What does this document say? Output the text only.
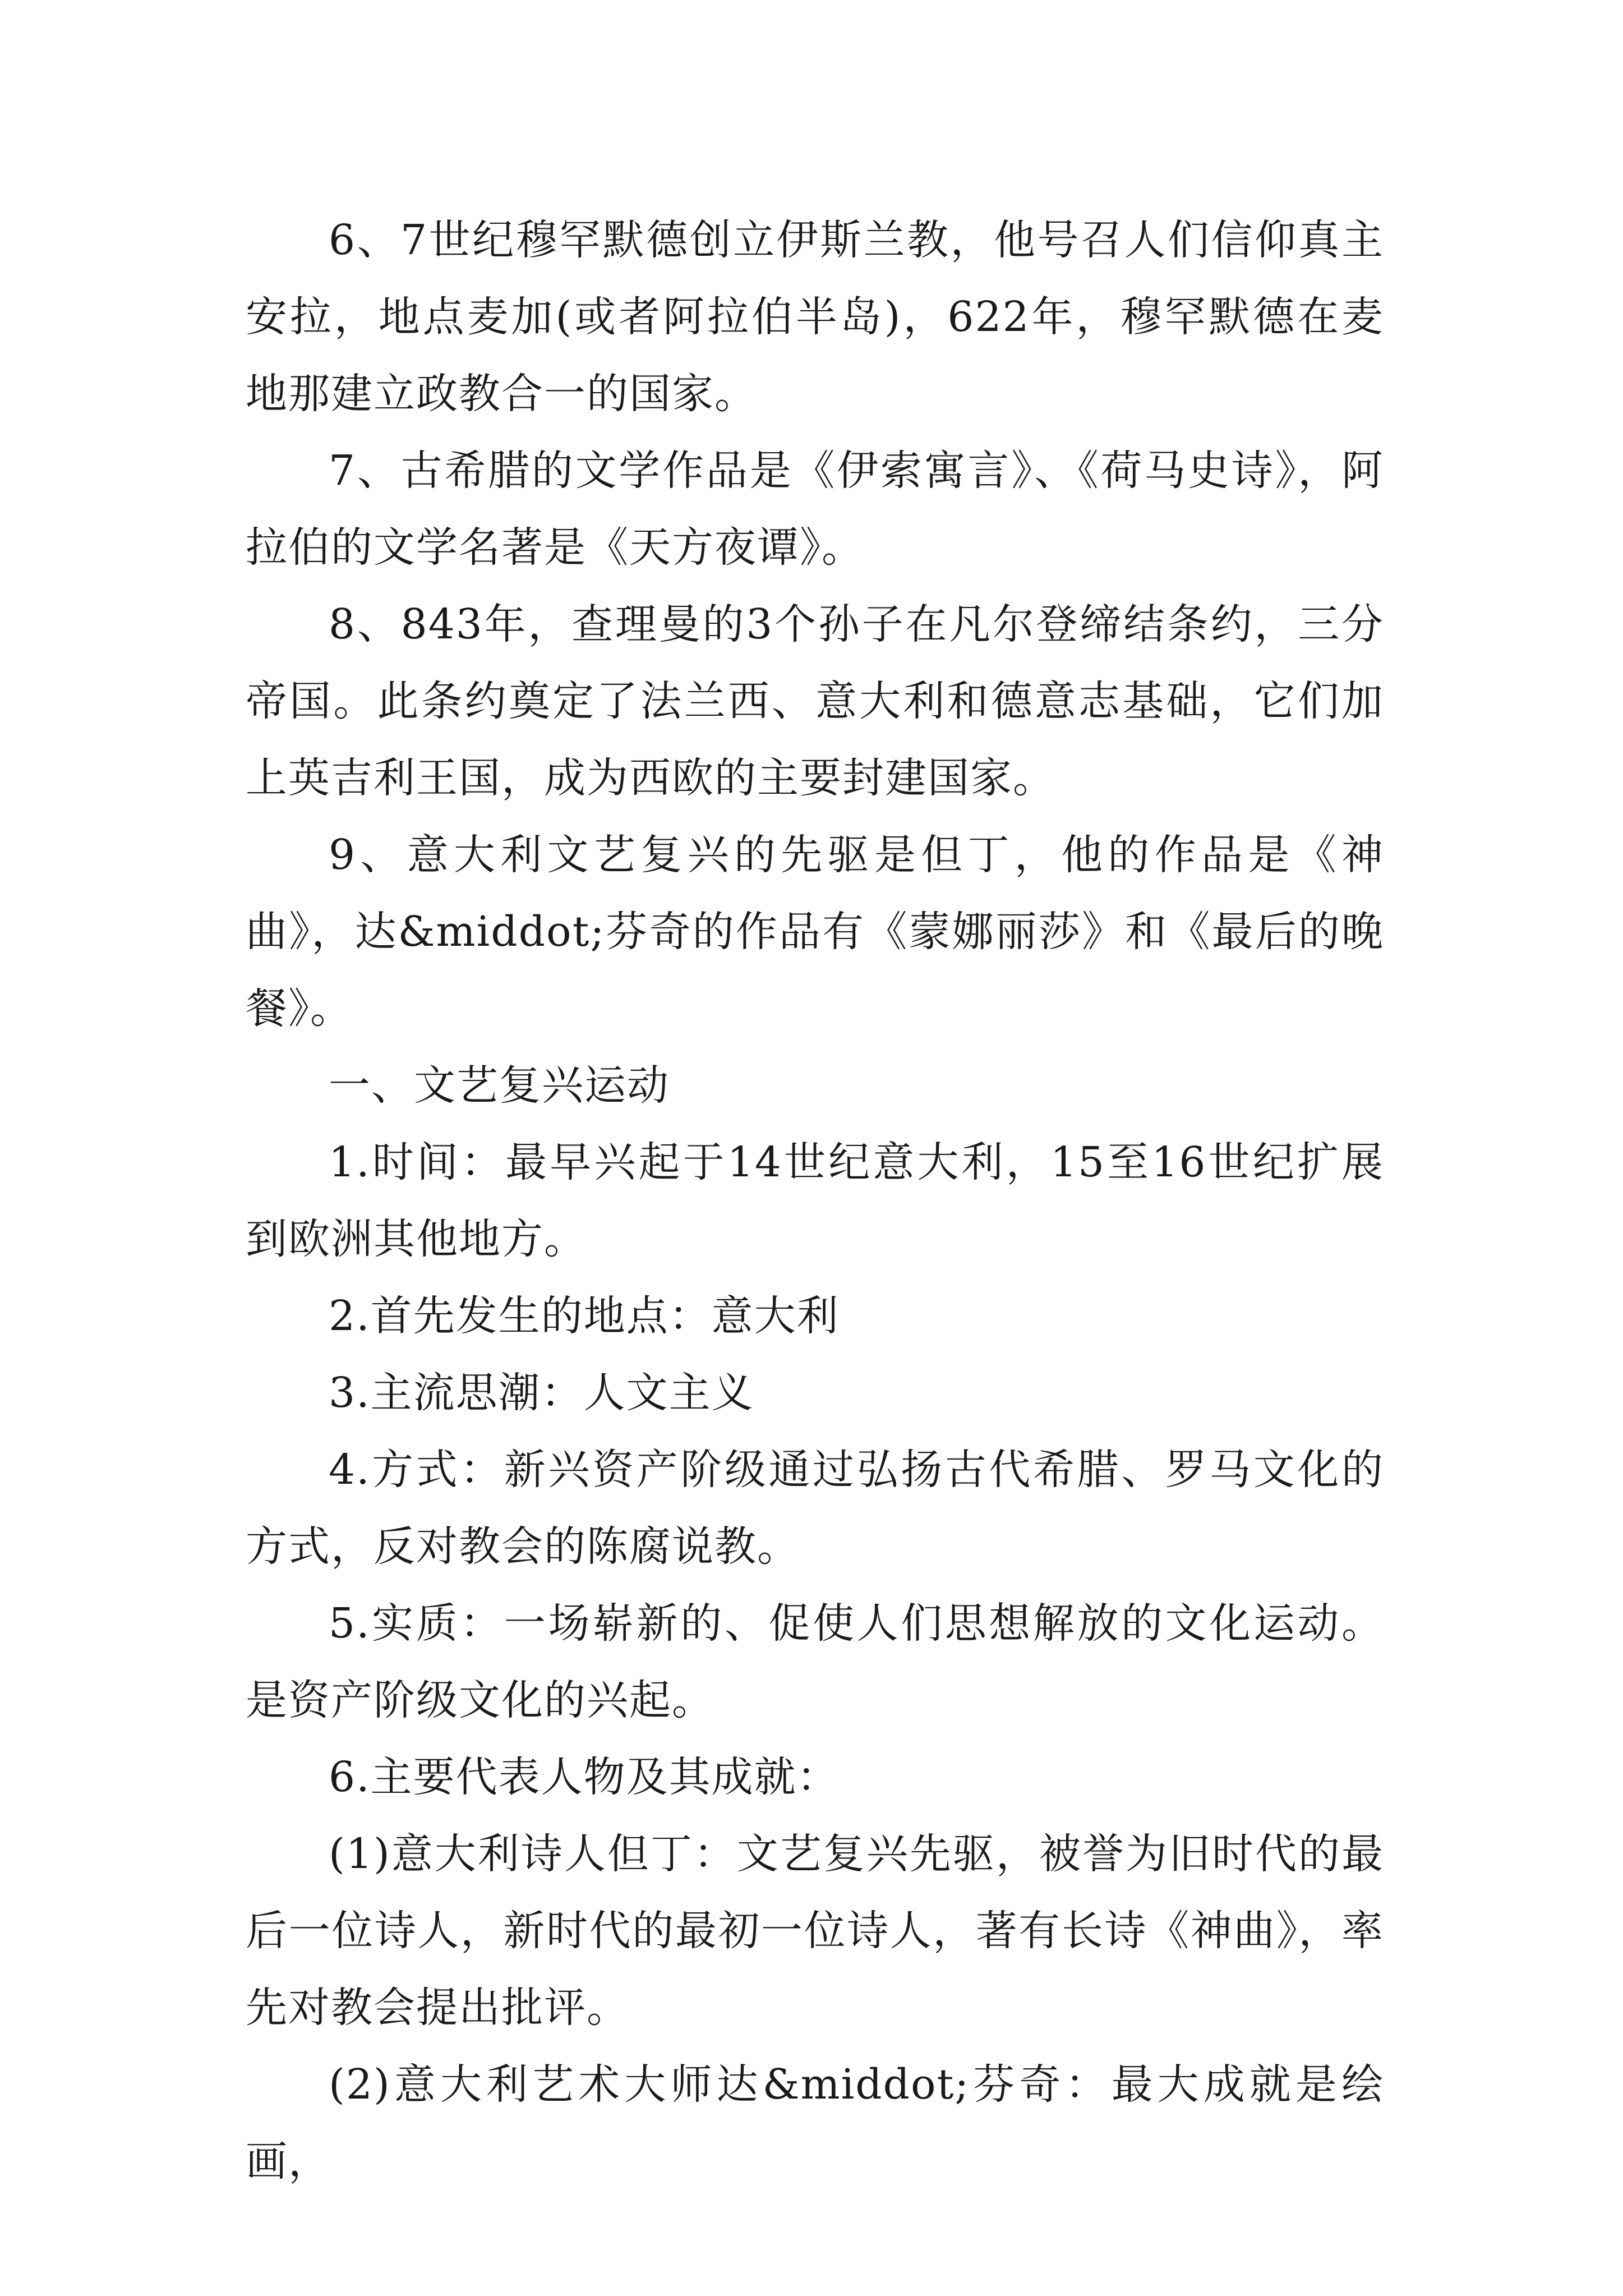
6、7世纪穆罕默德创立伊斯兰教，他号召人们信仰真主安拉，地点麦加(或者阿拉伯半岛)，622年，穆罕默德在麦地那建立政教合一的国家。

7、古希腊的文学作品是《伊索寓言》、《荷马史诗》，阿拉伯的文学名著是《天方夜谭》。

8、843年，查理曼的3个孙子在凡尔登缔结条约，三分帝国。此条约奠定了法兰西、意大利和德意志基础，它们加上英吉利王国，成为西欧的主要封建国家。

9、意大利文艺复兴的先驱是但丁，他的作品是《神曲》，达&middot;芬奇的作品有《蒙娜丽莎》和《最后的晚餐》。

一、文艺复兴运动

1.时间：最早兴起于14世纪意大利，15至16世纪扩展到欧洲其他地方。

2.首先发生的地点：意大利

3.主流思潮：人文主义

4.方式：新兴资产阶级通过弘扬古代希腊、罗马文化的方式，反对教会的陈腐说教。

5.实质：一场崭新的、促使人们思想解放的文化运动。是资产阶级文化的兴起。

6.主要代表人物及其成就：

(1)意大利诗人但丁：文艺复兴先驱，被誉为旧时代的最后一位诗人，新时代的最初一位诗人，著有长诗《神曲》，率先对教会提出批评。

(2)意大利艺术大师达&middot;芬奇：最大成就是绘画，
